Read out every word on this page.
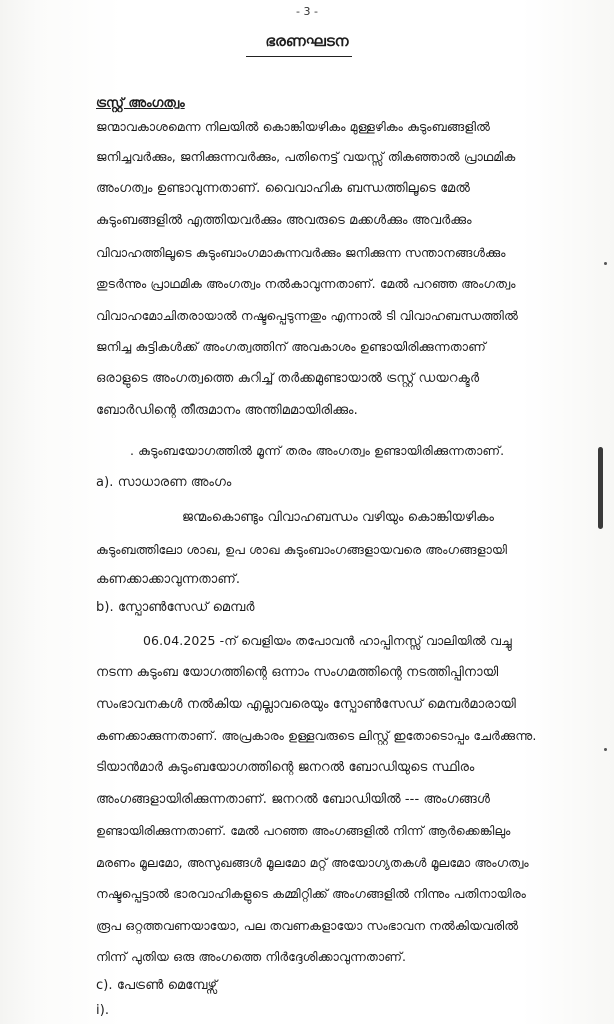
- 3 -
ഭരണഘടന
ട്രസ്റ്റ് അംഗത്വം
ജന്മാവകാശമെന്ന നിലയിൽ കൊങ്കിയഴികം മുള്ളഴികം കുടുംബങ്ങളിൽ
ജനിച്ചവർക്കും, ജനിക്കുന്നവർക്കും, പതിനെട്ട് വയസ്സ് തികഞ്ഞാൽ പ്രാഥമിക
അംഗത്വം ഉണ്ടാവുന്നതാണ്. വൈവാഹിക ബന്ധത്തിലൂടെ മേൽ
കുടുംബങ്ങളിൽ എത്തിയവർക്കും അവരുടെ മക്കൾക്കും അവർക്കും
വിവാഹത്തിലൂടെ കുടുംബാംഗമാകുന്നവർക്കും ജനിക്കുന്ന സന്താനങ്ങൾക്കും
തുടർന്നും പ്രാഥമിക അംഗത്വം നൽകാവുന്നതാണ്. മേൽ പറഞ്ഞ അംഗത്വം
വിവാഹമോചിതരായാൽ നഷ്ടപ്പെടുന്നതും എന്നാൽ ടി വിവാഹബന്ധത്തിൽ
ജനിച്ച കുട്ടികൾക്ക് അംഗത്വത്തിന് അവകാശം ഉണ്ടായിരിക്കുന്നതാണ്
ഒരാളുടെ അംഗത്വത്തെ കുറിച്ച് തർക്കമുണ്ടായാൽ ട്രസ്റ്റ് ഡയറക്ടർ
ബോർഡിന്റെ തീരുമാനം അന്തിമമായിരിക്കും.
. കുടുംബയോഗത്തിൽ മൂന്ന് തരം അംഗത്വം ഉണ്ടായിരിക്കുന്നതാണ്.
a). സാധാരണ അംഗം
ജന്മംകൊണ്ടും വിവാഹബന്ധം വഴിയും കൊങ്കിയഴികം
കുടുംബത്തിലോ ശാഖ, ഉപ ശാഖ കുടുംബാംഗങ്ങളായവരെ അംഗങ്ങളായി
കണക്കാക്കാവുന്നതാണ്.
b). സ്പോൺസേഡ് മെമ്പർ
06.04.2025 -ന് വെളിയം തപോവൻ ഹാപ്പിനസ്സ് വാലിയിൽ വച്ചു
നടന്ന കുടുംബ യോഗത്തിന്റെ ഒന്നാം സംഗമത്തിന്റെ നടത്തിപ്പിനായി
സംഭാവനകൾ നൽകിയ എല്ലാവരെയും സ്പോൺസേഡ് മെമ്പർമാരായി
കണക്കാക്കുന്നതാണ്. അപ്രകാരം ഉള്ളവരുടെ ലിസ്റ്റ് ഇതോടൊപ്പം ചേർക്കുന്നു.
ടിയാൻമാർ കുടുംബയോഗത്തിന്റെ ജനറൽ ബോഡിയുടെ സ്ഥിരം
അംഗങ്ങളായിരിക്കുന്നതാണ്. ജനറൽ ബോഡിയിൽ --- അംഗങ്ങൾ
ഉണ്ടായിരിക്കുന്നതാണ്. മേൽ പറഞ്ഞ അംഗങ്ങളിൽ നിന്ന് ആർക്കെങ്കിലും
മരണം മൂലമോ, അസുഖങ്ങൾ മൂലമോ മറ്റ് അയോഗ്യതകൾ മൂലമോ അംഗത്വം
നഷ്ടപ്പെട്ടാൽ ഭാരവാഹികളുടെ കമ്മിറ്റിക്ക് അംഗങ്ങളിൽ നിന്നും പതിനായിരം
രൂപ ഒറ്റത്തവണയായോ, പല തവണകളായോ സംഭാവന നൽകിയവരിൽ
നിന്ന് പുതിയ ഒരു അംഗത്തെ നിർദ്ദേശിക്കാവുന്നതാണ്.
c). പേട്രൺ മെമ്പേഴ്സ്
i).
